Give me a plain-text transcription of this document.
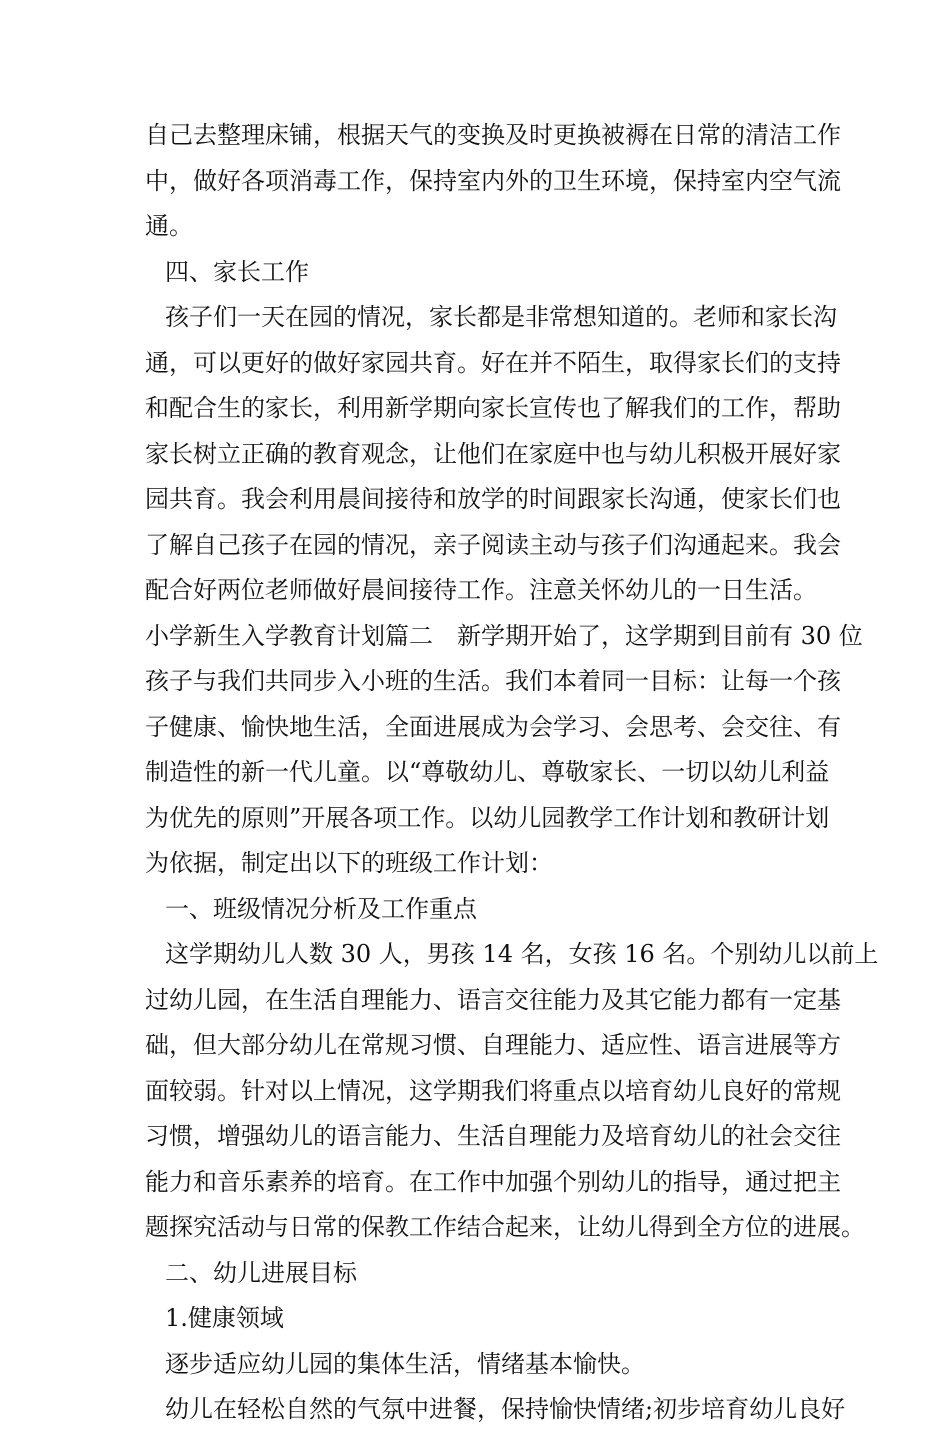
自己去整理床铺，根据天气的变换及时更换被褥在日常的清洁工作
中，做好各项消毒工作，保持室内外的卫生环境，保持室内空气流
通。
四、家长工作
孩子们一天在园的情况，家长都是非常想知道的。老师和家长沟
通，可以更好的做好家园共育。好在并不陌生，取得家长们的支持
和配合生的家长，利用新学期向家长宣传也了解我们的工作，帮助
家长树立正确的教育观念，让他们在家庭中也与幼儿积极开展好家
园共育。我会利用晨间接待和放学的时间跟家长沟通，使家长们也
了解自己孩子在园的情况，亲子阅读主动与孩子们沟通起来。我会
配合好两位老师做好晨间接待工作。注意关怀幼儿的一日生活。
小学新生入学教育计划篇二　新学期开始了，这学期到目前有 30 位
孩子与我们共同步入小班的生活。我们本着同一目标：让每一个孩
子健康、愉快地生活，全面进展成为会学习、会思考、会交往、有
制造性的新一代儿童。以“尊敬幼儿、尊敬家长、一切以幼儿利益
为优先的原则”开展各项工作。以幼儿园教学工作计划和教研计划
为依据，制定出以下的班级工作计划：
一、班级情况分析及工作重点
这学期幼儿人数 30 人，男孩 14 名，女孩 16 名。个别幼儿以前上
过幼儿园，在生活自理能力、语言交往能力及其它能力都有一定基
础，但大部分幼儿在常规习惯、自理能力、适应性、语言进展等方
面较弱。针对以上情况，这学期我们将重点以培育幼儿良好的常规
习惯，增强幼儿的语言能力、生活自理能力及培育幼儿的社会交往
能力和音乐素养的培育。在工作中加强个别幼儿的指导，通过把主
题探究活动与日常的保教工作结合起来，让幼儿得到全方位的进展。
二、幼儿进展目标
1.健康领域
逐步适应幼儿园的集体生活，情绪基本愉快。
幼儿在轻松自然的气氛中进餐，保持愉快情绪;初步培育幼儿良好
